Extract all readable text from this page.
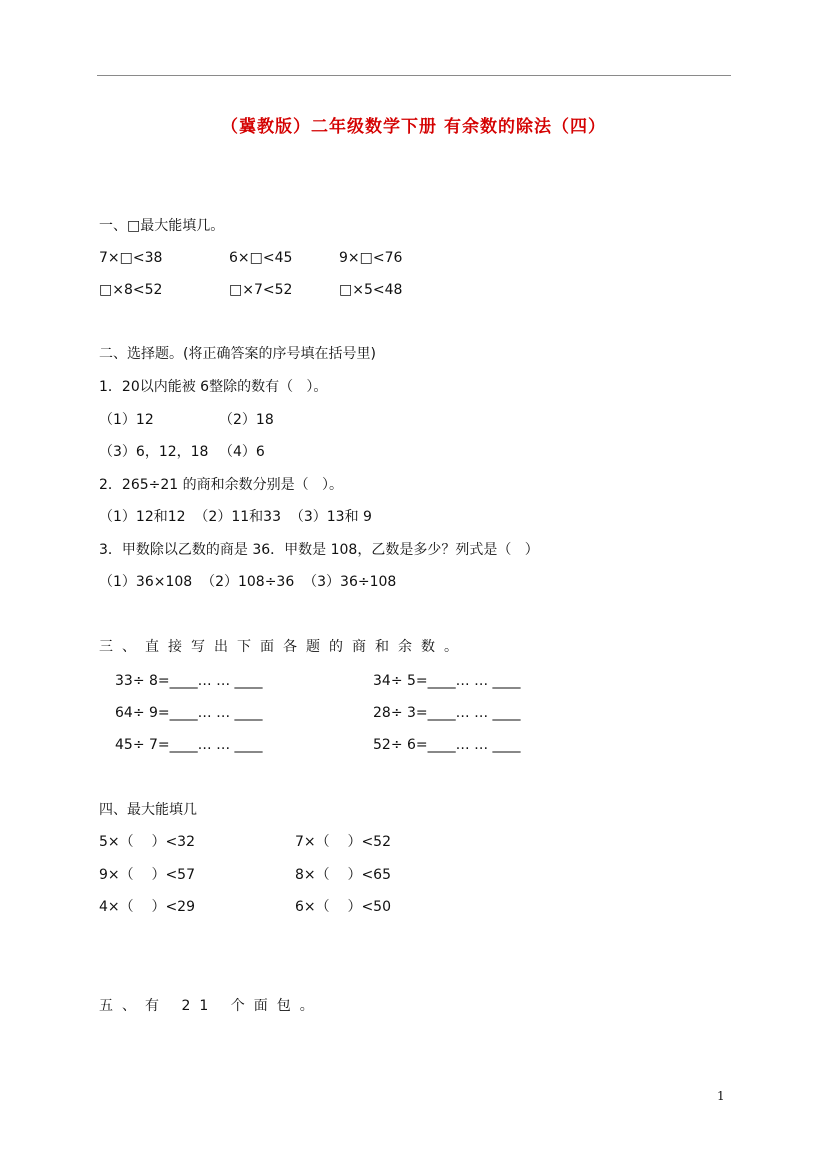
（冀教版）二年级数学下册 有余数的除法（四）
一、□最大能填几。
7×□<38	6×□<45	9×□<76
□×8<52	□×7<52	□×5<48
二、选择题。(将正确答案的序号填在括号里)
1．20以内能被 6整除的数有（   ）。
（1）12	（2）18
（3）6，12，18 （4）6
2．265÷21 的商和余数分别是（   ）。
（1）12和12  （2）11和33  （3）13和 9
3．甲数除以乙数的商是 36．甲数是 108，乙数是多少？列式是（   ）
（1）36×108  （2）108÷36  （3）36÷108
三、直接写出下面各题的商和余数。
33÷ 8=____… … ____	34÷ 5=____… … ____
64÷ 9=____… … ____	28÷ 3=____… … ____
45÷ 7=____… … ____	52÷ 6=____… … ____
四、最大能填几
5×（    ）<32	7×（    ）<52
9×（    ）<57	8×（    ）<65
4×（    ）<29	6×（    ）<50
五、有 21 个面包。
1
